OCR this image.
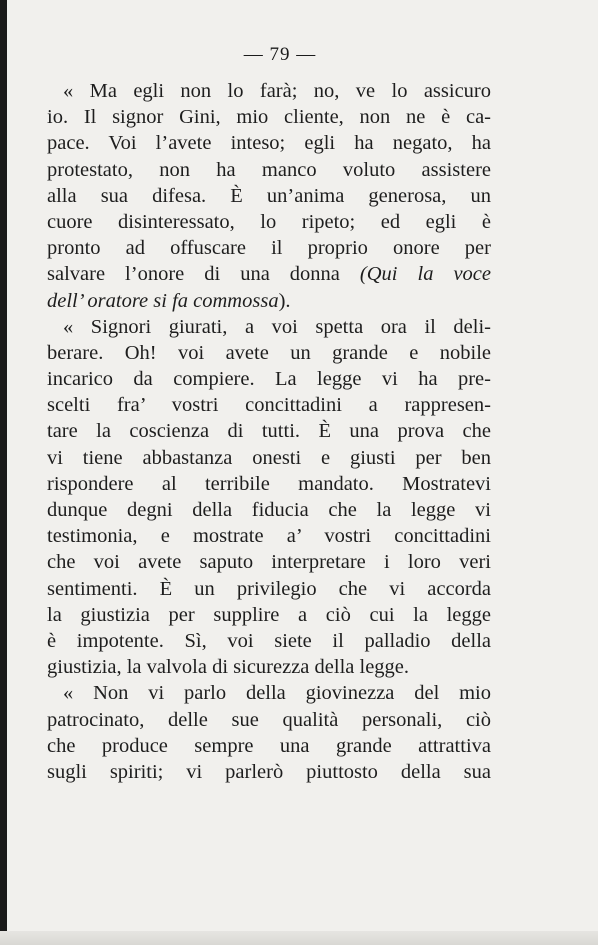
— 79 —
« Ma egli non lo farà; no, ve lo assicuro
io. Il signor Gini, mio cliente, non ne è ca-
pace. Voi l’avete inteso; egli ha negato, ha
protestato, non ha manco voluto assistere
alla sua difesa. È un’anima generosa, un
cuore disinteressato, lo ripeto; ed egli è
pronto ad offuscare il proprio onore per
salvare l’onore di una donna (Qui la voce
dell’ oratore si fa commossa).
« Signori giurati, a voi spetta ora il deli-
berare. Oh! voi avete un grande e nobile
incarico da compiere. La legge vi ha pre-
scelti fra’ vostri concittadini a rappresen-
tare la coscienza di tutti. È una prova che
vi tiene abbastanza onesti e giusti per ben
rispondere al terribile mandato. Mostratevi
dunque degni della fiducia che la legge vi
testimonia, e mostrate a’ vostri concittadini
che voi avete saputo interpretare i loro veri
sentimenti. È un privilegio che vi accorda
la giustizia per supplire a ciò cui la legge
è impotente. Sì, voi siete il palladio della
giustizia, la valvola di sicurezza della legge.
« Non vi parlo della giovinezza del mio
patrocinato, delle sue qualità personali, ciò
che produce sempre una grande attrattiva
sugli spiriti; vi parlerò piuttosto della sua
